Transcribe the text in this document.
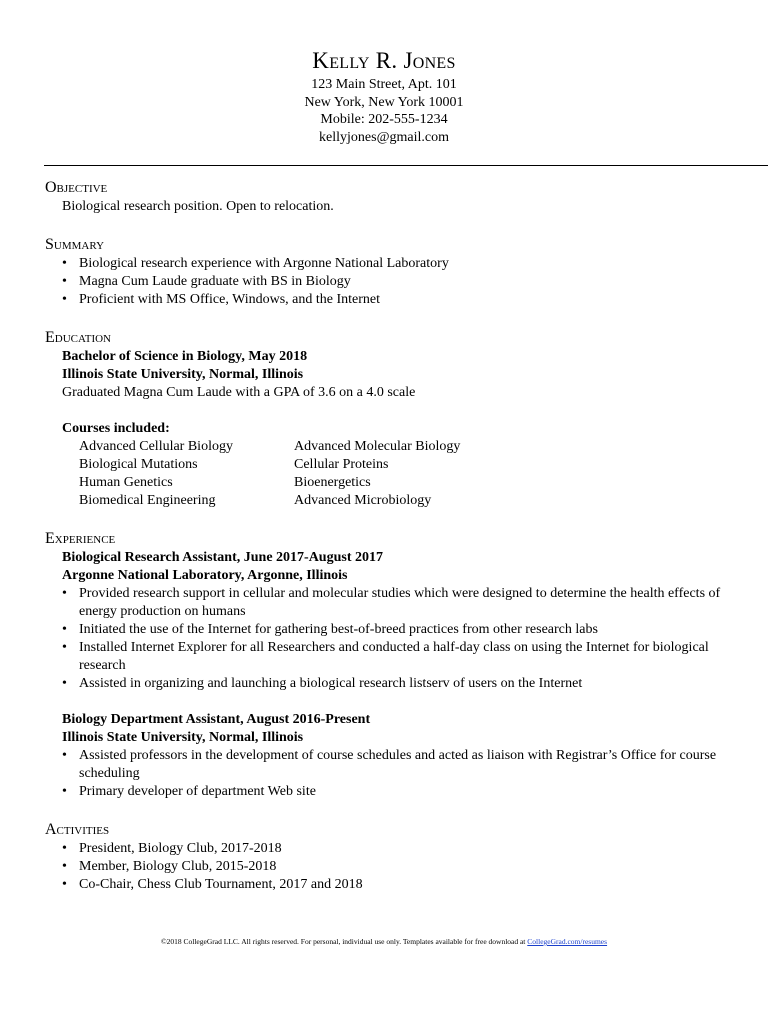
Kelly R. Jones
123 Main Street, Apt. 101
New York, New York 10001
Mobile: 202-555-1234
kellyjones@gmail.com
Objective
Biological research position. Open to relocation.
Summary
• Biological research experience with Argonne National Laboratory
• Magna Cum Laude graduate with BS in Biology
• Proficient with MS Office, Windows, and the Internet
Education
Bachelor of Science in Biology, May 2018
Illinois State University, Normal, Illinois
Graduated Magna Cum Laude with a GPA of 3.6 on a 4.0 scale
Courses included:
Advanced Cellular Biology	Advanced Molecular Biology
Biological Mutations	Cellular Proteins
Human Genetics	Bioenergetics
Biomedical Engineering	Advanced Microbiology
Experience
Biological Research Assistant, June 2017-August 2017
Argonne National Laboratory, Argonne, Illinois
• Provided research support in cellular and molecular studies which were designed to determine the health effects of energy production on humans
• Initiated the use of the Internet for gathering best-of-breed practices from other research labs
• Installed Internet Explorer for all Researchers and conducted a half-day class on using the Internet for biological research
• Assisted in organizing and launching a biological research listserv of users on the Internet
Biology Department Assistant, August 2016-Present
Illinois State University, Normal, Illinois
• Assisted professors in the development of course schedules and acted as liaison with Registrar’s Office for course scheduling
• Primary developer of department Web site
Activities
• President, Biology Club, 2017-2018
• Member, Biology Club, 2015-2018
• Co-Chair, Chess Club Tournament, 2017 and 2018
©2018 CollegeGrad LLC. All rights reserved. For personal, individual use only. Templates available for free download at CollegeGrad.com/resumes
